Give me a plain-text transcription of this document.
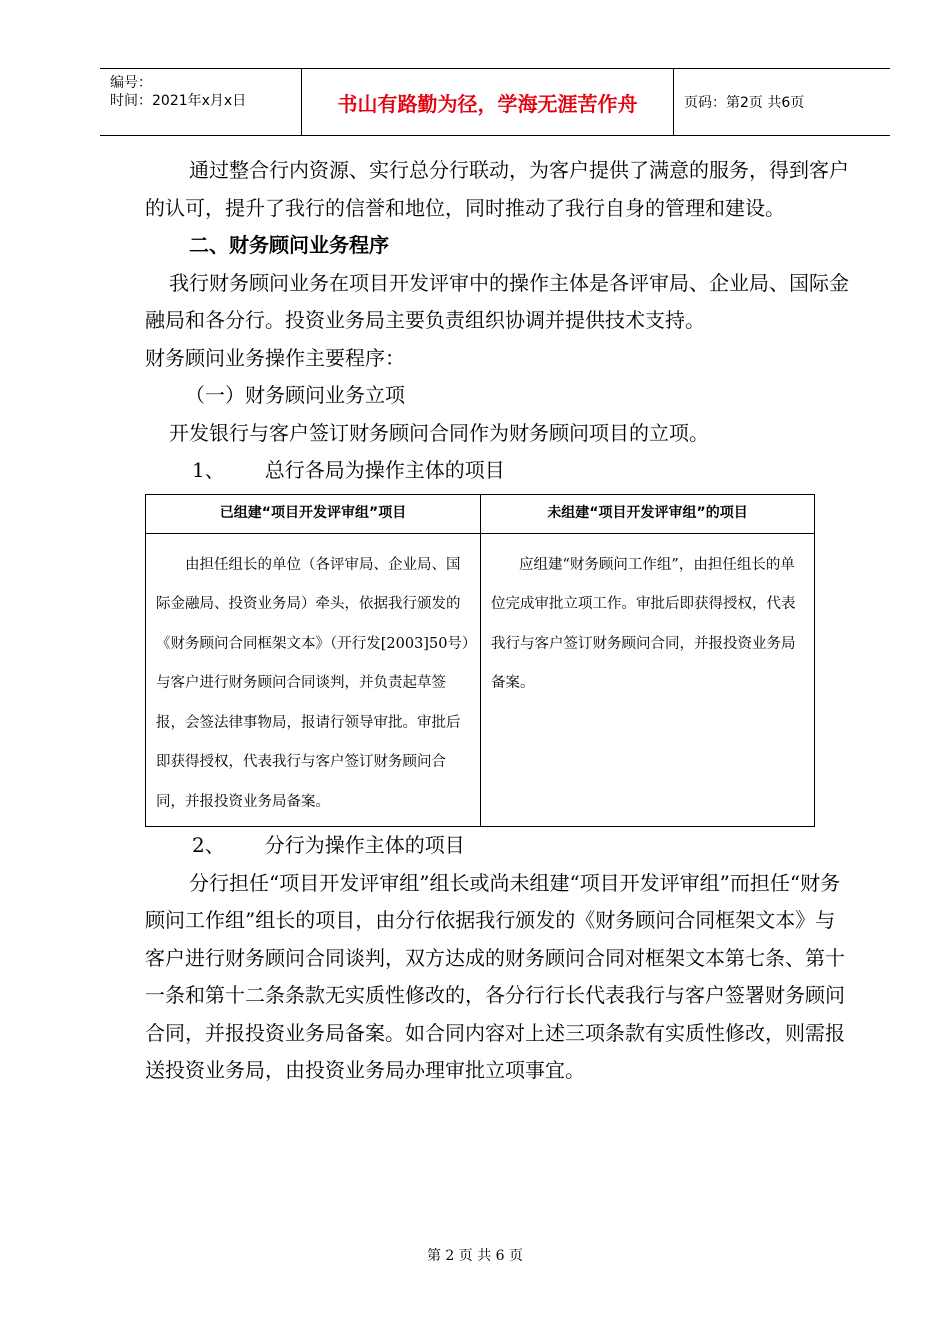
编号：
时间：2021年x月x日	书山有路勤为径，学海无涯苦作舟	页码：第2页 共6页

通过整合行内资源、实行总分行联动，为客户提供了满意的服务，得到客户的认可，提升了我行的信誉和地位，同时推动了我行自身的管理和建设。

二、财务顾问业务程序

我行财务顾问业务在项目开发评审中的操作主体是各评审局、企业局、国际金融局和各分行。投资业务局主要负责组织协调并提供技术支持。

财务顾问业务操作主要程序：

（一）财务顾问业务立项

开发银行与客户签订财务顾问合同作为财务顾问项目的立项。

1、 总行各局为操作主体的项目

已组建“项目开发评审组”项目	未组建“项目开发评审组”的项目
由担任组长的单位（各评审局、企业局、国际金融局、投资业务局）牵头，依据我行颁发的《财务顾问合同框架文本》（开行发[2003]50号）与客户进行财务顾问合同谈判，并负责起草签报，会签法律事物局，报请行领导审批。审批后即获得授权，代表我行与客户签订财务顾问合同，并报投资业务局备案。
应组建“财务顾问工作组”，由担任组长的单位完成审批立项工作。审批后即获得授权，代表我行与客户签订财务顾问合同，并报投资业务局备案。

2、 分行为操作主体的项目

分行担任“项目开发评审组”组长或尚未组建“项目开发评审组”而担任“财务顾问工作组”组长的项目，由分行依据我行颁发的《财务顾问合同框架文本》与客户进行财务顾问合同谈判，双方达成的财务顾问合同对框架文本第七条、第十一条和第十二条条款无实质性修改的，各分行行长代表我行与客户签署财务顾问合同，并报投资业务局备案。如合同内容对上述三项条款有实质性修改，则需报送投资业务局，由投资业务局办理审批立项事宜。

第 2 页 共 6 页
